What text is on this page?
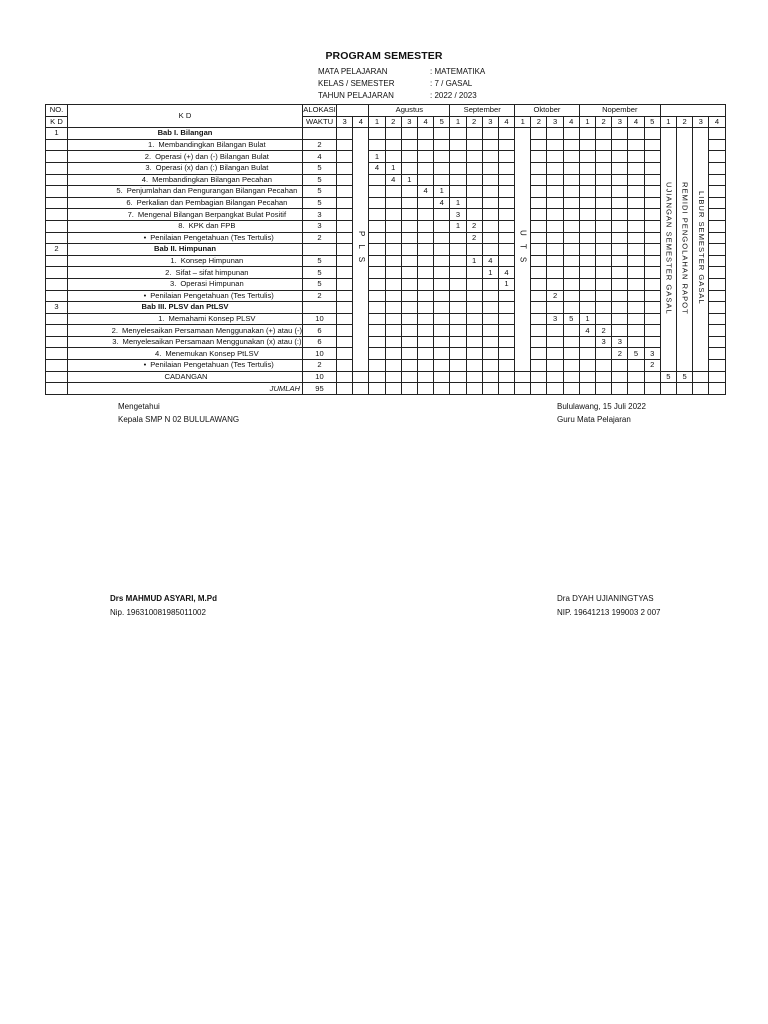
PROGRAM SEMESTER
MATA PELAJARAN	: MATEMATIKA
KELAS / SEMESTER	: 7 / GASAL
TAHUN PELAJARAN	: 2022 / 2023
NO.	K D	ALOKASI			Agustus					September				Oktober				Nopember								
K D		WAKTU	3	4	1	2	3	4	5	1	2	3	4	1	2	3	4	1	2	3	4	5	1	2	3	4
1	Bab I. Bilangan			P L S										U T S									UJIANGAN SEMESTER GASAL	REMIDI PENGOLAHAN RAPOT	LIBUR SEMESTER GASAL	
	1. Membandingkan Bilangan Bulat	2																								
	2. Operasi (+) dan (-) Bilangan Bulat	4			1																					
	3. Operasi (x) dan (:) Bilangan Bulat	5			4	1																				
	4. Membandingkan Bilangan Pecahan	5				4	1																			
	5. Penjumlahan dan Pengurangan Bilangan Pecahan	5						4	1																	
	6. Perkalian dan Pembagian Bilangan Pecahan	5							4	1																
	7. Mengenal Bilangan Berpangkat Bulat Positif	3								3																
	8. KPK dan FPB	3								1	2															
	• Penilaian Pengetahuan (Tes Tertulis)	2									2															
2	Bab II. Himpunan																									
	1. Konsep Himpunan	5									1	4														
	2. Sifat – sifat himpunan	5										1	4													
	3. Operasi Himpunan	5											1													
	• Penilaian Pengetahuan (Tes Tertulis)	2														2										
3	Bab III. PLSV dan PtLSV																									
	1. Memahami Konsep PLSV	10														3	5	1								
	2. Menyelesaikan Persamaan Menggunakan (+) atau (-)	6																4	2							
	3. Menyelesaikan Persamaan Menggunakan (x) atau (:)	6																	3	3						
	4. Menemukan Konsep PtLSV	10																		2	5	3				
	• Penilaian Pengetahuan (Tes Tertulis)	2																				2				
	CADANGAN	10																					5	5		
	JUMLAH	95																								
Mengetahui
Kepala SMP N 02 BULULAWANG
Drs MAHMUD ASYARI, M.Pd
Nip. 196310081985011002
Bululawang, 15 Juli 2022
Guru Mata Pelajaran
Dra DYAH UJIANINGTYAS
NIP. 19641213 199003 2 007
